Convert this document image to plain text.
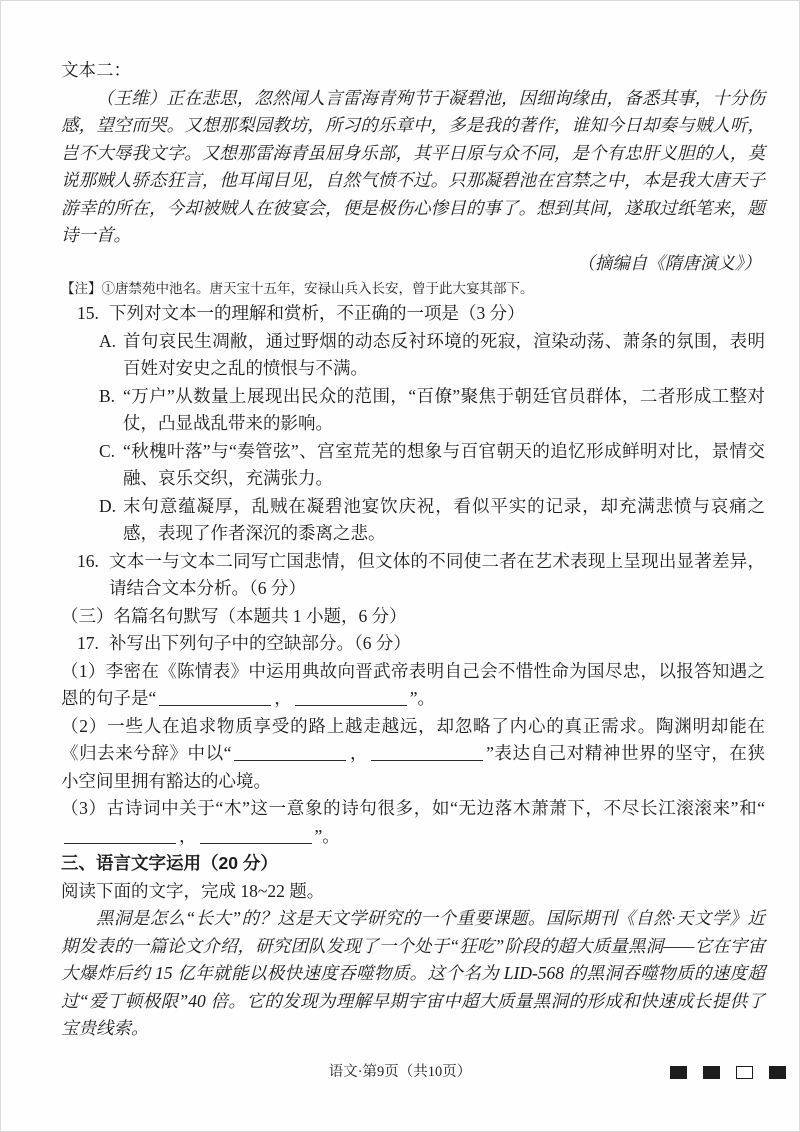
文本二：

（王维）正在悲思，忽然闻人言雷海青殉节于凝碧池，因细询缘由，备悉其事，十分伤感，望空而哭。又想那梨园教坊，所习的乐章中，多是我的著作，谁知今日却奏与贼人听，岂不大辱我文字。又想那雷海青虽屈身乐部，其平日原与众不同，是个有忠肝义胆的人，莫说那贼人骄态狂言，他耳闻目见，自然气愤不过。只那凝碧池在宫禁之中，本是我大唐天子游幸的所在，今却被贼人在彼宴会，便是极伤心惨目的事了。想到其间，遂取过纸笔来，题诗一首。

（摘编自《隋唐演义》）

【注】①唐禁苑中池名。唐天宝十五年，安禄山兵入长安，曾于此大宴其部下。

15. 下列对文本一的理解和赏析，不正确的一项是（3 分）
A. 首句哀民生凋敝，通过野烟的动态反衬环境的死寂，渲染动荡、萧条的氛围，表明百姓对安史之乱的愤恨与不满。
B. “万户”从数量上展现出民众的范围，“百僚”聚焦于朝廷官员群体，二者形成工整对仗，凸显战乱带来的影响。
C. “秋槐叶落”与“奏管弦”、宫室荒芜的想象与百官朝天的追忆形成鲜明对比，景情交融、哀乐交织，充满张力。
D. 末句意蕴凝厚，乱贼在凝碧池宴饮庆祝，看似平实的记录，却充满悲愤与哀痛之感，表现了作者深沉的黍离之悲。
16. 文本一与文本二同写亡国悲情，但文体的不同使二者在艺术表现上呈现出显著差异，请结合文本分析。（6 分）

（三）名篇名句默写（本题共 1 小题，6 分）

17. 补写出下列句子中的空缺部分。（6 分）

（1）李密在《陈情表》中运用典故向晋武帝表明自己会不惜性命为国尽忠，以报答知遇之恩的句子是“	，	”。

（2）一些人在追求物质享受的路上越走越远，却忽略了内心的真正需求。陶渊明却能在《归去来兮辞》中以“	，	”表达自己对精神世界的坚守，在狭小空间里拥有豁达的心境。

（3）古诗词中关于“木”这一意象的诗句很多，如“无边落木萧萧下，不尽长江滚滚来”和“，	”。

三、语言文字运用（20 分）

阅读下面的文字，完成 18~22 题。

黑洞是怎么“长大”的？这是天文学研究的一个重要课题。国际期刊《自然·天文学》近期发表的一篇论文介绍，研究团队发现了一个处于“狂吃”阶段的超大质量黑洞——它在宇宙大爆炸后约 15 亿年就能以极快速度吞噬物质。这个名为 LID-568 的黑洞吞噬物质的速度超过“爱丁顿极限”40 倍。它的发现为理解早期宇宙中超大质量黑洞的形成和快速成长提供了宝贵线索。

语文·第9页（共10页）
